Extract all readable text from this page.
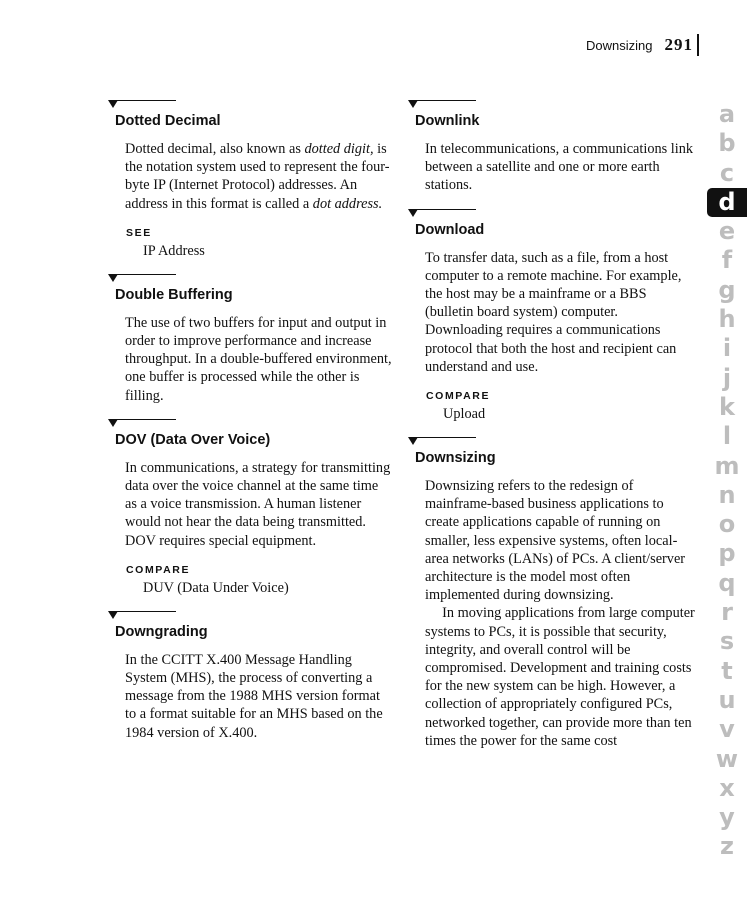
Downsizing 291
Dotted Decimal

Dotted decimal, also known as dotted digit, is the notation system used to represent the four-byte IP (Internet Protocol) addresses. An address in this format is called a dot address.

SEE
IP Address
Double Buffering

The use of two buffers for input and output in order to improve performance and increase throughput. In a double-buffered environment, one buffer is processed while the other is filling.

DOV (Data Over Voice)

In communications, a strategy for transmitting data over the voice channel at the same time as a voice transmission. A human listener would not hear the data being transmitted. DOV requires special equipment.

COMPARE
DUV (Data Under Voice)
Downgrading

In the CCITT X.400 Message Handling System (MHS), the process of converting a message from the 1988 MHS version format to a format suitable for an MHS based on the 1984 version of X.400.

Downlink

In telecommunications, a communications link between a satellite and one or more earth stations.

Download

To transfer data, such as a file, from a host computer to a remote machine. For example, the host may be a mainframe or a BBS (bulletin board system) computer. Downloading requires a communications protocol that both the host and recipient can understand and use.

COMPARE
Upload
Downsizing

Downsizing refers to the redesign of mainframe-based business applications to create applications capable of running on smaller, less expensive systems, often local-area networks (LANs) of PCs. A client/server architecture is the model most often implemented during downsizing.

In moving applications from large computer systems to PCs, it is possible that security, integrity, and overall control will be compromised. Development and training costs for the new system can be high. However, a collection of appropriately configured PCs, networked together, can provide more than ten times the power for the same cost

a
b
c
d
e
f
g
h
i
j
k
l
m
n
o
p
q
r
s
t
u
v
w
x
y
z
